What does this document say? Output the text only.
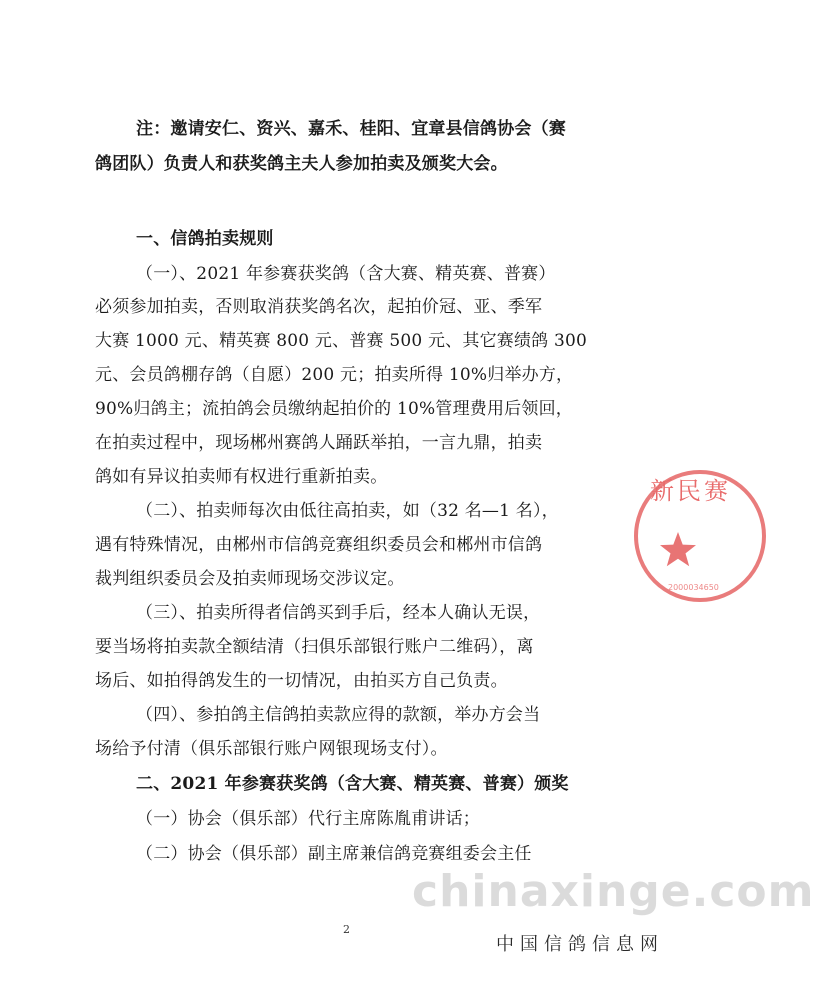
注：邀请安仁、资兴、嘉禾、桂阳、宜章县信鸽协会（赛
鸽团队）负责人和获奖鸽主夫人参加拍卖及颁奖大会。
一、信鸽拍卖规则
（一）、2021 年参赛获奖鸽（含大赛、精英赛、普赛）
必须参加拍卖，否则取消获奖鸽名次，起拍价冠、亚、季军
大赛 1000 元、精英赛 800 元、普赛 500 元、其它赛绩鸽 300
元、会员鸽棚存鸽（自愿）200 元；拍卖所得 10%归举办方，
90%归鸽主；流拍鸽会员缴纳起拍价的 10%管理费用后领回，
在拍卖过程中，现场郴州赛鸽人踊跃举拍，一言九鼎，拍卖
鸽如有异议拍卖师有权进行重新拍卖。
（二）、拍卖师每次由低往高拍卖，如（32 名—1 名），
遇有特殊情况，由郴州市信鸽竞赛组织委员会和郴州市信鸽
裁判组织委员会及拍卖师现场交涉议定。
（三）、拍卖所得者信鸽买到手后，经本人确认无误，
要当场将拍卖款全额结清（扫俱乐部银行账户二维码），离
场后、如拍得鸽发生的一切情况，由拍买方自己负责。
（四）、参拍鸽主信鸽拍卖款应得的款额，举办方会当
场给予付清（俱乐部银行账户网银现场支付）。
二、2021 年参赛获奖鸽（含大赛、精英赛、普赛）颁奖
（一）协会（俱乐部）代行主席陈胤甫讲话；
（二）协会（俱乐部）副主席兼信鸽竞赛组委会主任
新民赛
2000034650
2
chinaxinge.com
中国信鸽信息网
